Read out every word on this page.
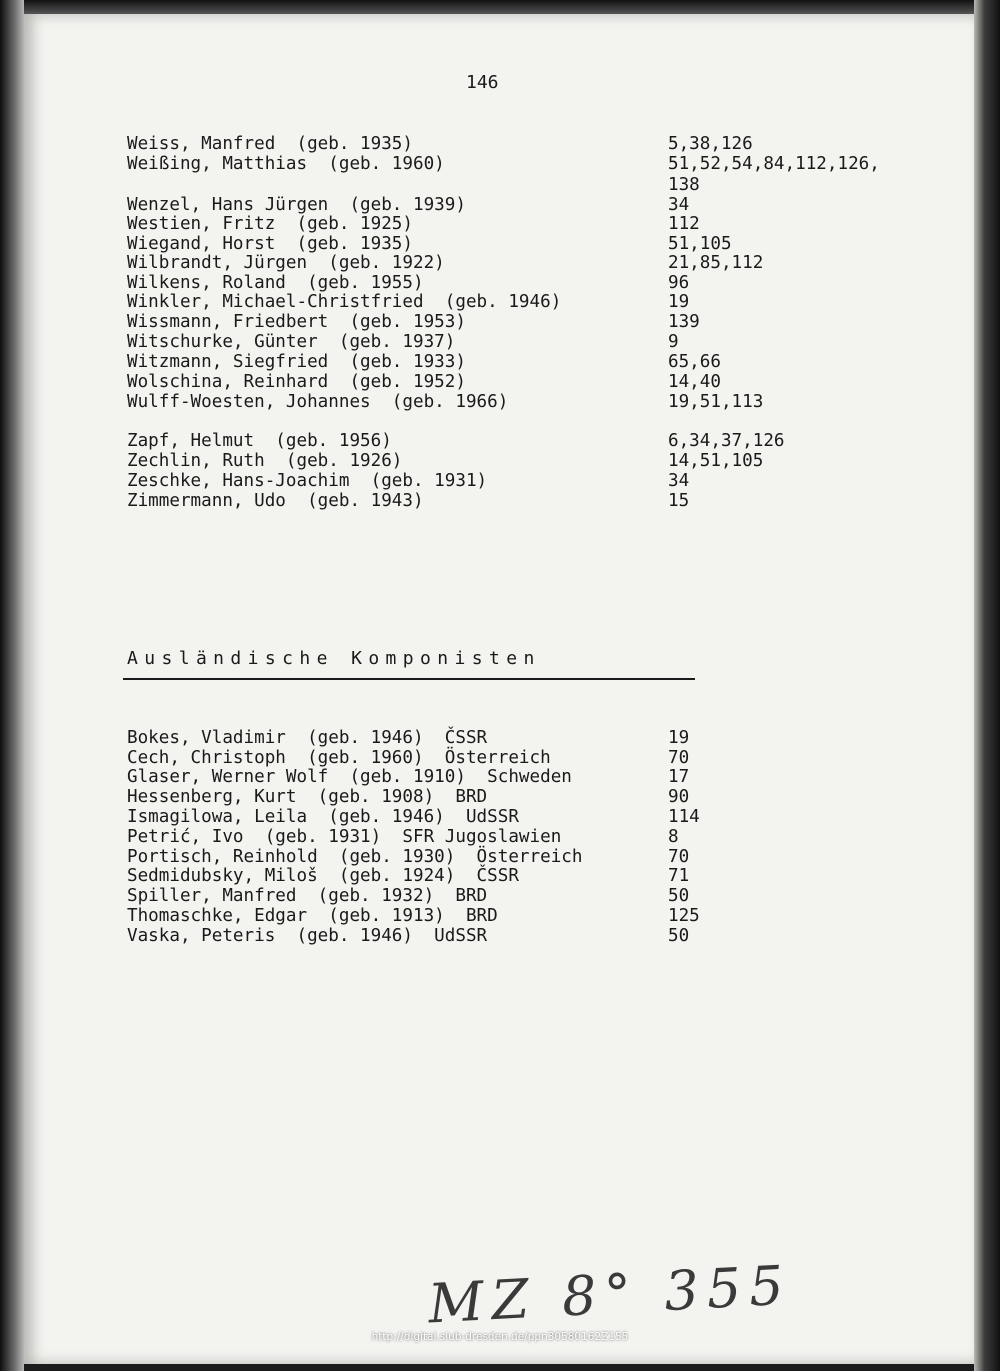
146
Weiss, Manfred  (geb. 1935)	5,38,126
Weißing, Matthias  (geb. 1960)	51,52,54,84,112,126,
138
Wenzel, Hans Jürgen  (geb. 1939)	34
Westien, Fritz  (geb. 1925)	112
Wiegand, Horst  (geb. 1935)	51,105
Wilbrandt, Jürgen  (geb. 1922)	21,85,112
Wilkens, Roland  (geb. 1955)	96
Winkler, Michael-Christfried  (geb. 1946)	19
Wissmann, Friedbert  (geb. 1953)	139
Witschurke, Günter  (geb. 1937)	9
Witzmann, Siegfried  (geb. 1933)	65,66
Wolschina, Reinhard  (geb. 1952)	14,40
Wulff-Woesten, Johannes  (geb. 1966)	19,51,113
Zapf, Helmut  (geb. 1956)	6,34,37,126
Zechlin, Ruth  (geb. 1926)	14,51,105
Zeschke, Hans-Joachim  (geb. 1931)	34
Zimmermann, Udo  (geb. 1943)	15
Ausländische Komponisten
Bokes, Vladimir  (geb. 1946)  ČSSR	19
Cech, Christoph  (geb. 1960)  Österreich	70
Glaser, Werner Wolf  (geb. 1910)  Schweden	17
Hessenberg, Kurt  (geb. 1908)  BRD	90
Ismagilowa, Leila  (geb. 1946)  UdSSR	114
Petrić, Ivo  (geb. 1931)  SFR Jugoslawien	8
Portisch, Reinhold  (geb. 1930)  Österreich	70
Sedmidubsky, Miloš  (geb. 1924)  ČSSR	71
Spiller, Manfred  (geb. 1932)  BRD	50
Thomaschke, Edgar  (geb. 1913)  BRD	125
Vaska, Peteris  (geb. 1946)  UdSSR	50
MZ 8° 355
http://digital.slub-dresden.de/ppn30580162Z155
